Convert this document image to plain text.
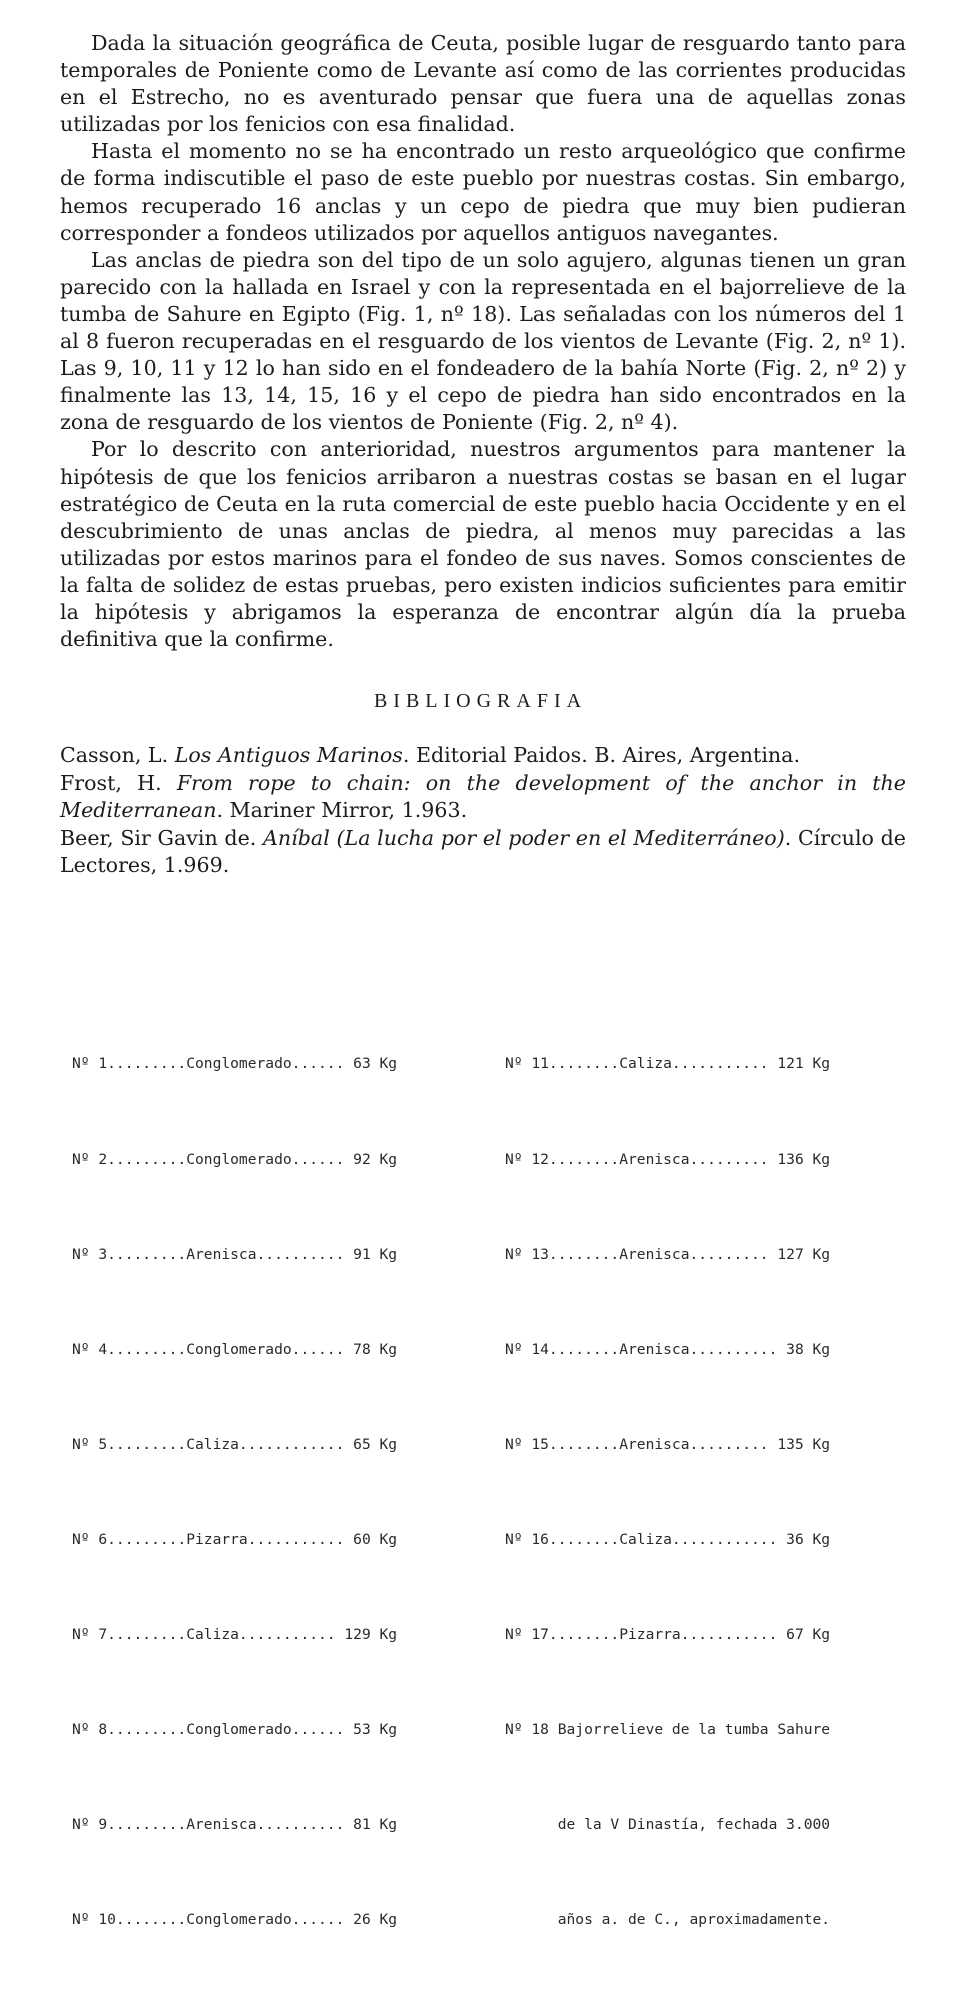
Dada la situación geográfica de Ceuta, posible lugar de resguardo tanto para temporales de Poniente como de Levante así como de las corrientes producidas en el Estrecho, no es aventurado pensar que fuera una de aquellas zonas utilizadas por los fenicios con esa finalidad.

Hasta el momento no se ha encontrado un resto arqueológico que confirme de forma indiscutible el paso de este pueblo por nuestras costas. Sin embargo, hemos recuperado 16 anclas y un cepo de piedra que muy bien pudieran corresponder a fondeos utilizados por aquellos antiguos navegantes.

Las anclas de piedra son del tipo de un solo agujero, algunas tienen un gran parecido con la hallada en Israel y con la representada en el bajorrelieve de la tumba de Sahure en Egipto (Fig. 1, nº 18). Las señaladas con los números del 1 al 8 fueron recuperadas en el resguardo de los vientos de Levante (Fig. 2, nº 1). Las 9, 10, 11 y 12 lo han sido en el fondeadero de la bahía Norte (Fig. 2, nº 2) y finalmente las 13, 14, 15, 16 y el cepo de piedra han sido encontrados en la zona de resguardo de los vientos de Poniente (Fig. 2, nº 4).

Por lo descrito con anterioridad, nuestros argumentos para mantener la hipótesis de que los fenicios arribaron a nuestras costas se basan en el lugar estratégico de Ceuta en la ruta comercial de este pueblo hacia Occidente y en el descubrimiento de unas anclas de piedra, al menos muy parecidas a las utilizadas por estos marinos para el fondeo de sus naves. Somos conscientes de la falta de solidez de estas pruebas, pero existen indicios suficientes para emitir la hipótesis y abrigamos la esperanza de encontrar algún día la prueba definitiva que la confirme.

BIBLIOGRAFIA

Casson, L. Los Antiguos Marinos. Editorial Paidos. B. Aires, Argentina.

Frost, H. From rope to chain: on the development of the anchor in the Mediterranean. Mariner Mirror, 1.963.

Beer, Sir Gavin de. Aníbal (La lucha por el poder en el Mediterráneo). Círculo de Lectores, 1.969.

Nº 1.........Conglomerado...... 63 Kg

Nº 2.........Conglomerado...... 92 Kg

Nº 3.........Arenisca.......... 91 Kg

Nº 4.........Conglomerado...... 78 Kg

Nº 5.........Caliza............ 65 Kg

Nº 6.........Pizarra........... 60 Kg

Nº 7.........Caliza........... 129 Kg

Nº 8.........Conglomerado...... 53 Kg

Nº 9.........Arenisca.......... 81 Kg

Nº 10........Conglomerado...... 26 Kg

Nº 11........Caliza........... 121 Kg

Nº 12........Arenisca......... 136 Kg

Nº 13........Arenisca......... 127 Kg

Nº 14........Arenisca.......... 38 Kg

Nº 15........Arenisca......... 135 Kg

Nº 16........Caliza............ 36 Kg

Nº 17........Pizarra........... 67 Kg

Nº 18 Bajorrelieve de la tumba Sahure

de la V Dinastía, fechada 3.000

años a. de C., aproximadamente.
